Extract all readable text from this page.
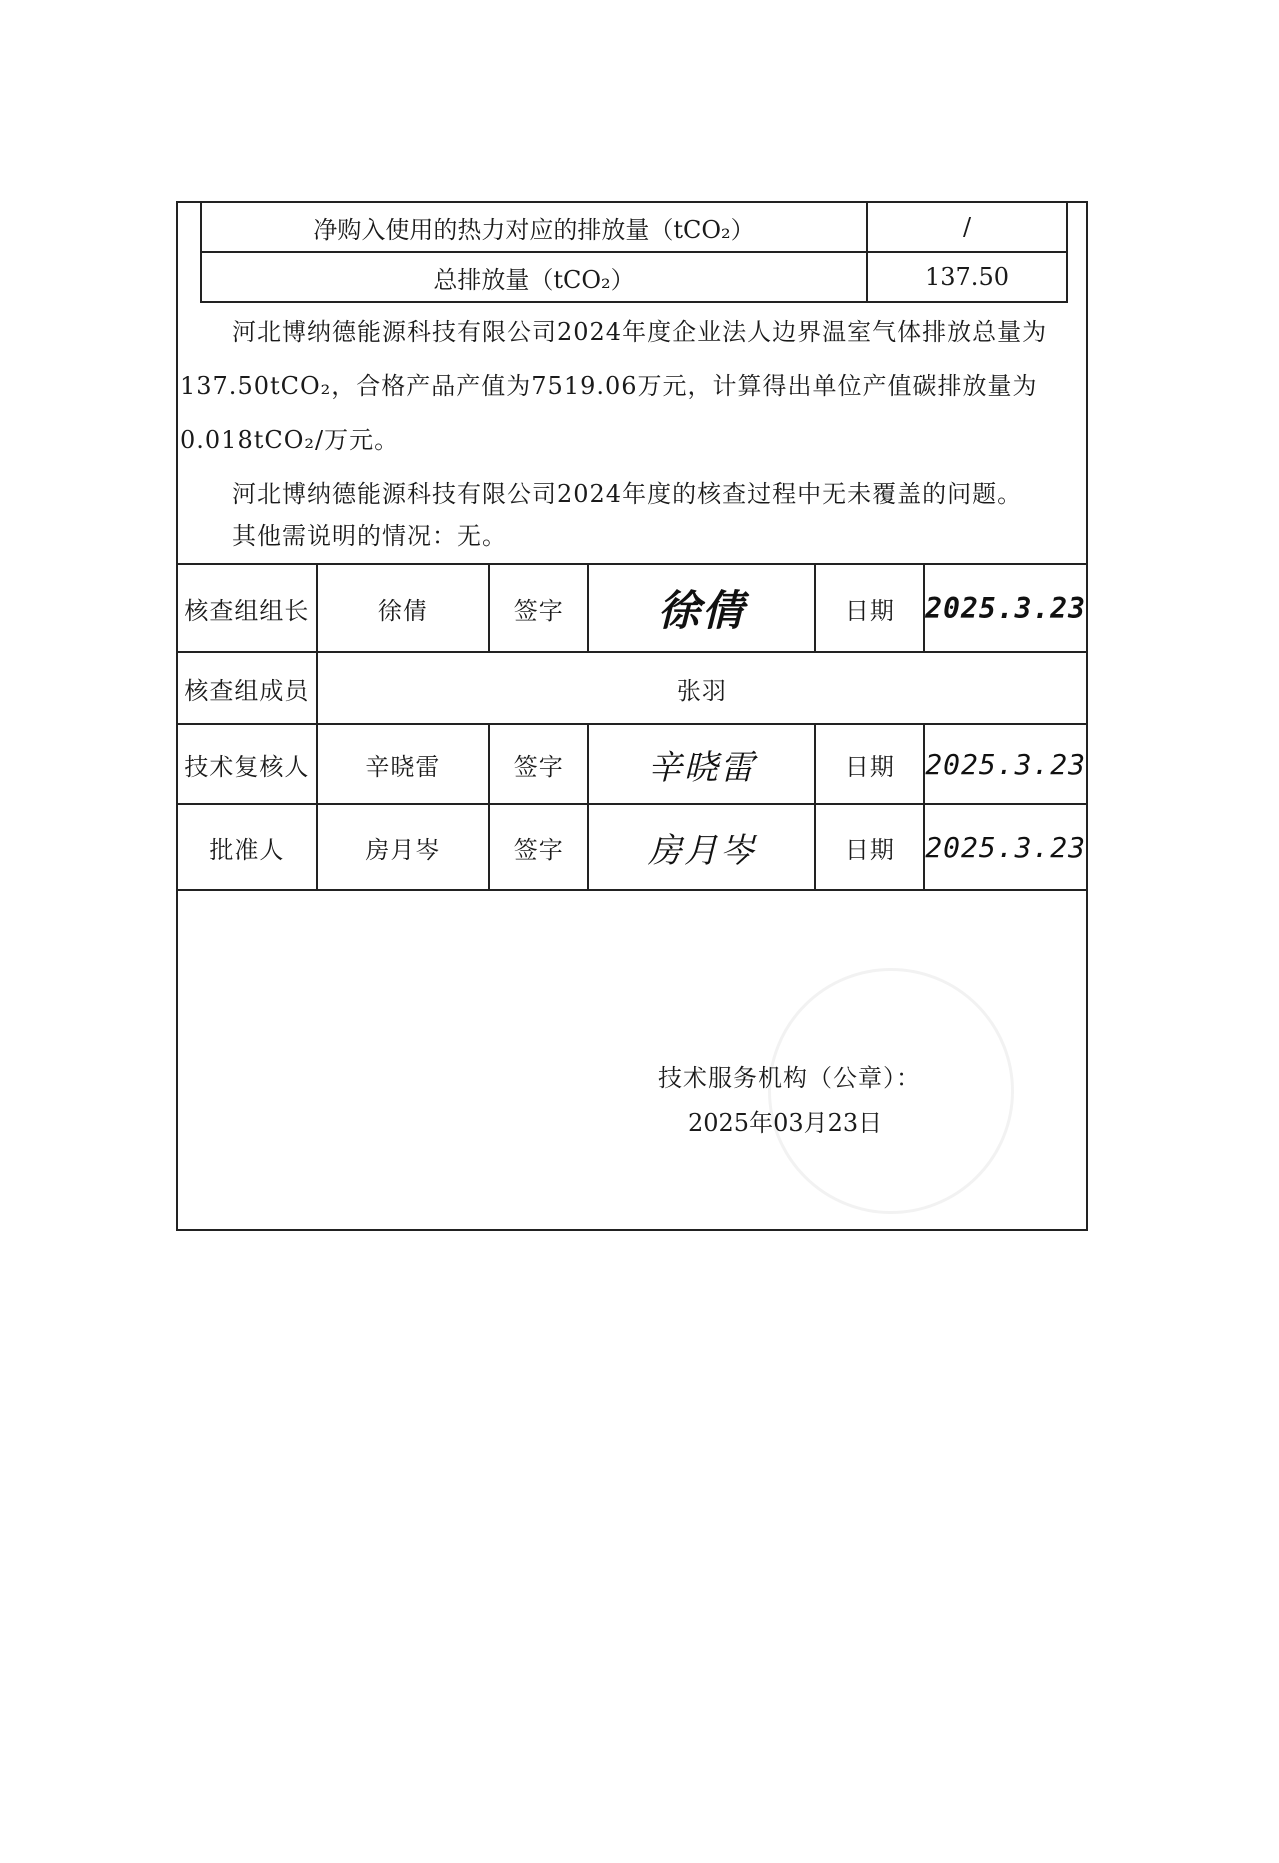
净购入使用的热力对应的排放量（tCO₂）	/
总排放量（tCO₂）	137.50
河北博纳德能源科技有限公司2024年度企业法人边界温室气体排放总量为
137.50tCO₂，合格产品产值为7519.06万元，计算得出单位产值碳排放量为
0.018tCO₂/万元。
河北博纳德能源科技有限公司2024年度的核查过程中无未覆盖的问题。
其他需说明的情况：无。
核查组组长	徐倩	签字	徐倩	日期	2025.3.23
核查组成员	张羽				
技术复核人	辛晓雷	签字	辛晓雷	日期	2025.3.23
批准人	房月岑	签字	房月岑	日期	2025.3.23
技术服务机构（公章）：
2025年03月23日
